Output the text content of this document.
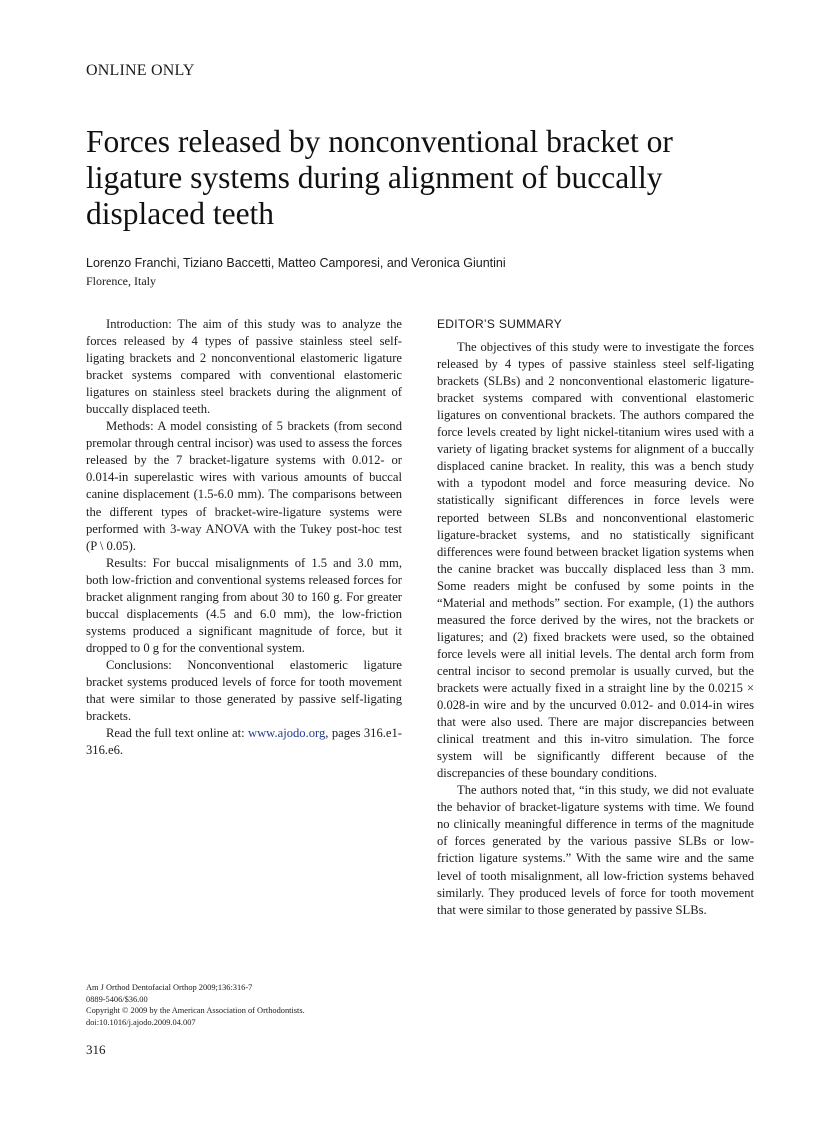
ONLINE ONLY
Forces released by nonconventional bracket or ligature systems during alignment of buccally displaced teeth
Lorenzo Franchi, Tiziano Baccetti, Matteo Camporesi, and Veronica Giuntini
Florence, Italy

Introduction: The aim of this study was to analyze the forces released by 4 types of passive stainless steel self-ligating brackets and 2 nonconventional elastomeric ligature bracket systems compared with conventional elastomeric ligatures on stainless steel brackets during the alignment of buccally displaced teeth.

Methods: A model consisting of 5 brackets (from second premolar through central incisor) was used to assess the forces released by the 7 bracket-ligature systems with 0.012- or 0.014-in superelastic wires with various amounts of buccal canine displacement (1.5-6.0 mm). The comparisons between the different types of bracket-wire-ligature systems were performed with 3-way ANOVA with the Tukey post-hoc test (P \ 0.05).

Results: For buccal misalignments of 1.5 and 3.0 mm, both low-friction and conventional systems released forces for bracket alignment ranging from about 30 to 160 g. For greater buccal displacements (4.5 and 6.0 mm), the low-friction systems produced a significant magnitude of force, but it dropped to 0 g for the conventional system.

Conclusions: Nonconventional elastomeric ligature bracket systems produced levels of force for tooth movement that were similar to those generated by passive self-ligating brackets.

Read the full text online at: www.ajodo.org, pages 316.e1-316.e6.

EDITOR’S SUMMARY

The objectives of this study were to investigate the forces released by 4 types of passive stainless steel self-ligating brackets (SLBs) and 2 nonconventional elastomeric ligature-bracket systems compared with conventional elastomeric ligatures on conventional brackets. The authors compared the force levels created by light nickel-titanium wires used with a variety of ligating bracket systems for alignment of a buccally displaced canine bracket. In reality, this was a bench study with a typodont model and force measuring device. No statistically significant differences in force levels were reported between SLBs and nonconventional elastomeric ligature-bracket systems, and no statistically significant differences were found between bracket ligation systems when the canine bracket was buccally displaced less than 3 mm. Some readers might be confused by some points in the “Material and methods” section. For example, (1) the authors measured the force derived by the wires, not the brackets or ligatures; and (2) fixed brackets were used, so the obtained force levels were all initial levels. The dental arch form from central incisor to second premolar is usually curved, but the brackets were actually fixed in a straight line by the 0.0215 × 0.028-in wire and by the uncurved 0.012- and 0.014-in wires that were also used. There are major discrepancies between clinical treatment and this in-vitro simulation. The force system will be significantly different because of the discrepancies of these boundary conditions.

The authors noted that, “in this study, we did not evaluate the behavior of bracket-ligature systems with time. We found no clinically meaningful difference in terms of the magnitude of forces generated by the various passive SLBs or low-friction ligature systems.” With the same wire and the same level of tooth misalignment, all low-friction systems behaved similarly. They produced levels of force for tooth movement that were similar to those generated by passive SLBs.

Am J Orthod Dentofacial Orthop 2009;136:316-7
0889-5406/$36.00
Copyright © 2009 by the American Association of Orthodontists.
doi:10.1016/j.ajodo.2009.04.007
316
